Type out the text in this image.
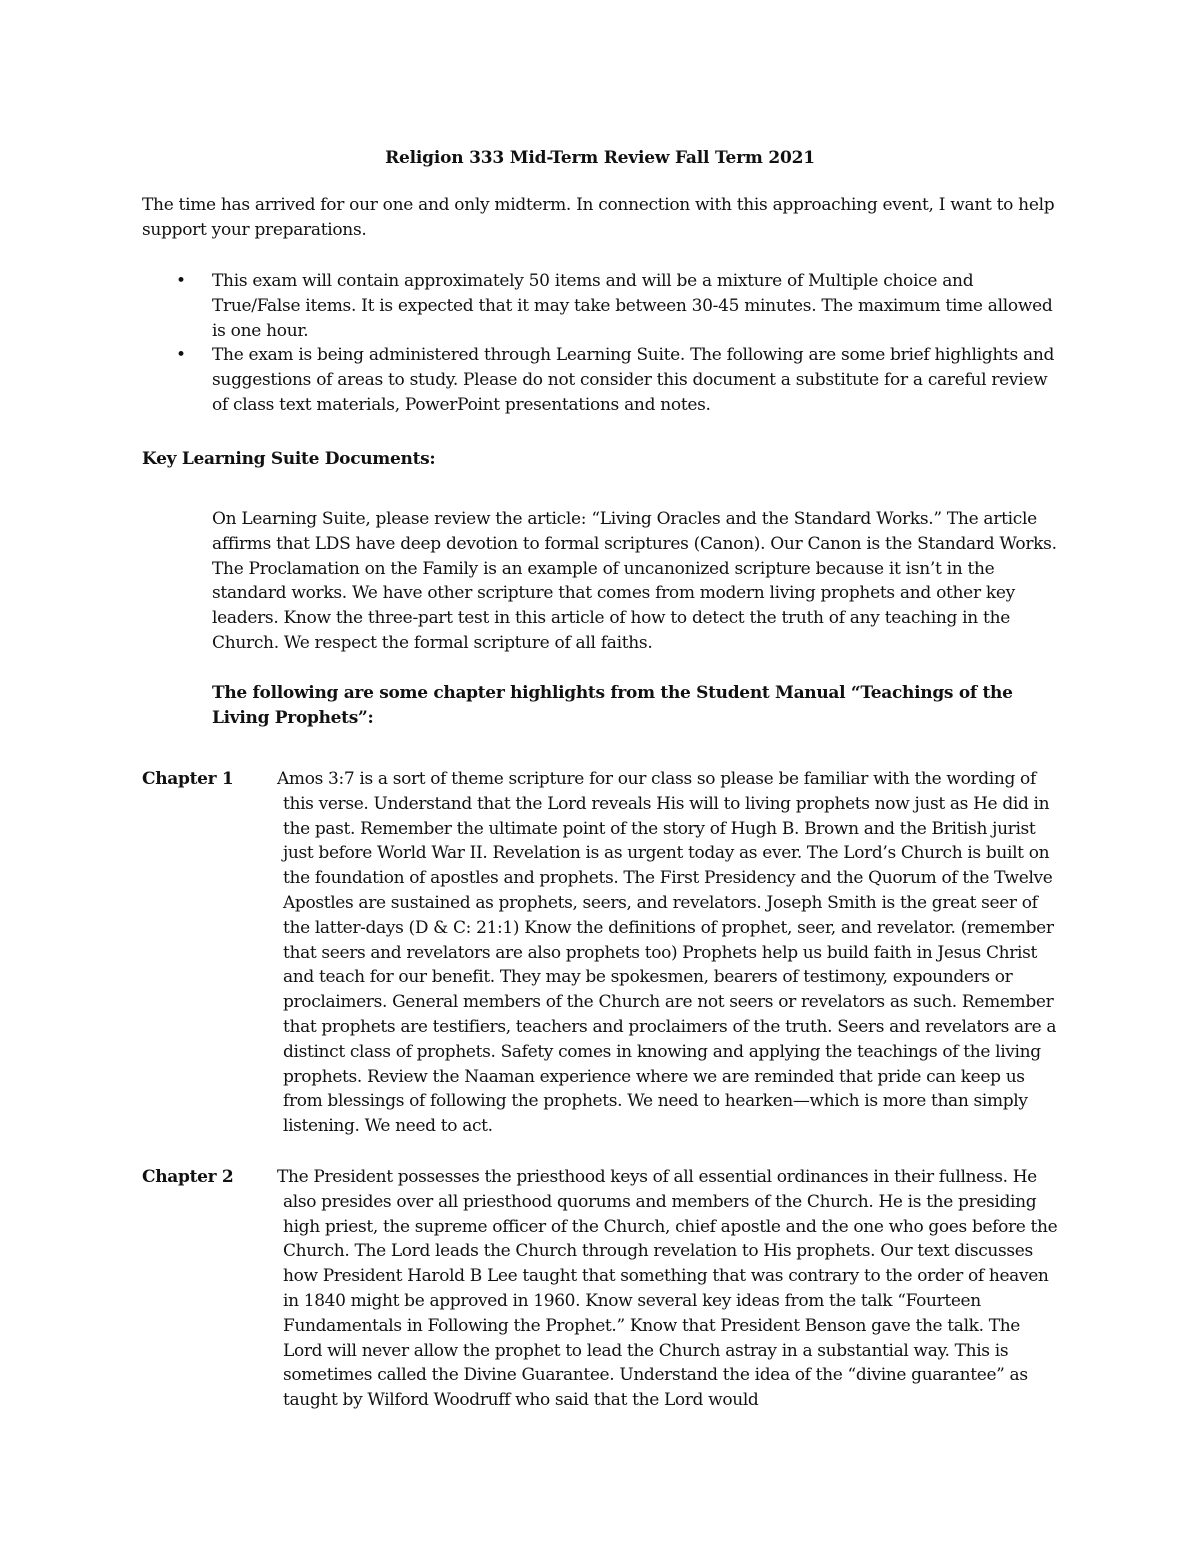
Religion 333 Mid-Term Review Fall Term 2021
The time has arrived for our one and only midterm. In connection with this approaching event, I want to help support your preparations.
• This exam will contain approximately 50 items and will be a mixture of Multiple choice and True/False items. It is expected that it may take between 30-45 minutes. The maximum time allowed is one hour.
• The exam is being administered through Learning Suite. The following are some brief highlights and suggestions of areas to study. Please do not consider this document a substitute for a careful review of class text materials, PowerPoint presentations and notes.
Key Learning Suite Documents:
On Learning Suite, please review the article: “Living Oracles and the Standard Works.” The article affirms that LDS have deep devotion to formal scriptures (Canon). Our Canon is the Standard Works. The Proclamation on the Family is an example of uncanonized scripture because it isn’t in the standard works. We have other scripture that comes from modern living prophets and other key leaders. Know the three-part test in this article of how to detect the truth of any teaching in the Church. We respect the formal scripture of all faiths.
The following are some chapter highlights from the Student Manual “Teachings of the Living Prophets”:
Chapter 1	Amos 3:7 is a sort of theme scripture for our class so please be familiar with the wording of this verse. Understand that the Lord reveals His will to living prophets now just as He did in the past. Remember the ultimate point of the story of Hugh B. Brown and the British jurist just before World War II. Revelation is as urgent today as ever. The Lord’s Church is built on the foundation of apostles and prophets. The First Presidency and the Quorum of the Twelve Apostles are sustained as prophets, seers, and revelators. Joseph Smith is the great seer of the latter-days (D & C: 21:1) Know the definitions of prophet, seer, and revelator. (remember that seers and revelators are also prophets too) Prophets help us build faith in Jesus Christ and teach for our benefit. They may be spokesmen, bearers of testimony, expounders or proclaimers. General members of the Church are not seers or revelators as such. Remember that prophets are testifiers, teachers and proclaimers of the truth. Seers and revelators are a distinct class of prophets. Safety comes in knowing and applying the teachings of the living prophets. Review the Naaman experience where we are reminded that pride can keep us from blessings of following the prophets. We need to hearken—which is more than simply listening. We need to act.
Chapter 2	The President possesses the priesthood keys of all essential ordinances in their fullness. He also presides over all priesthood quorums and members of the Church. He is the presiding high priest, the supreme officer of the Church, chief apostle and the one who goes before the Church. The Lord leads the Church through revelation to His prophets. Our text discusses how President Harold B Lee taught that something that was contrary to the order of heaven in 1840 might be approved in 1960. Know several key ideas from the talk “Fourteen Fundamentals in Following the Prophet.” Know that President Benson gave the talk. The Lord will never allow the prophet to lead the Church astray in a substantial way. This is sometimes called the Divine Guarantee. Understand the idea of the “divine guarantee” as taught by Wilford Woodruff who said that the Lord would
